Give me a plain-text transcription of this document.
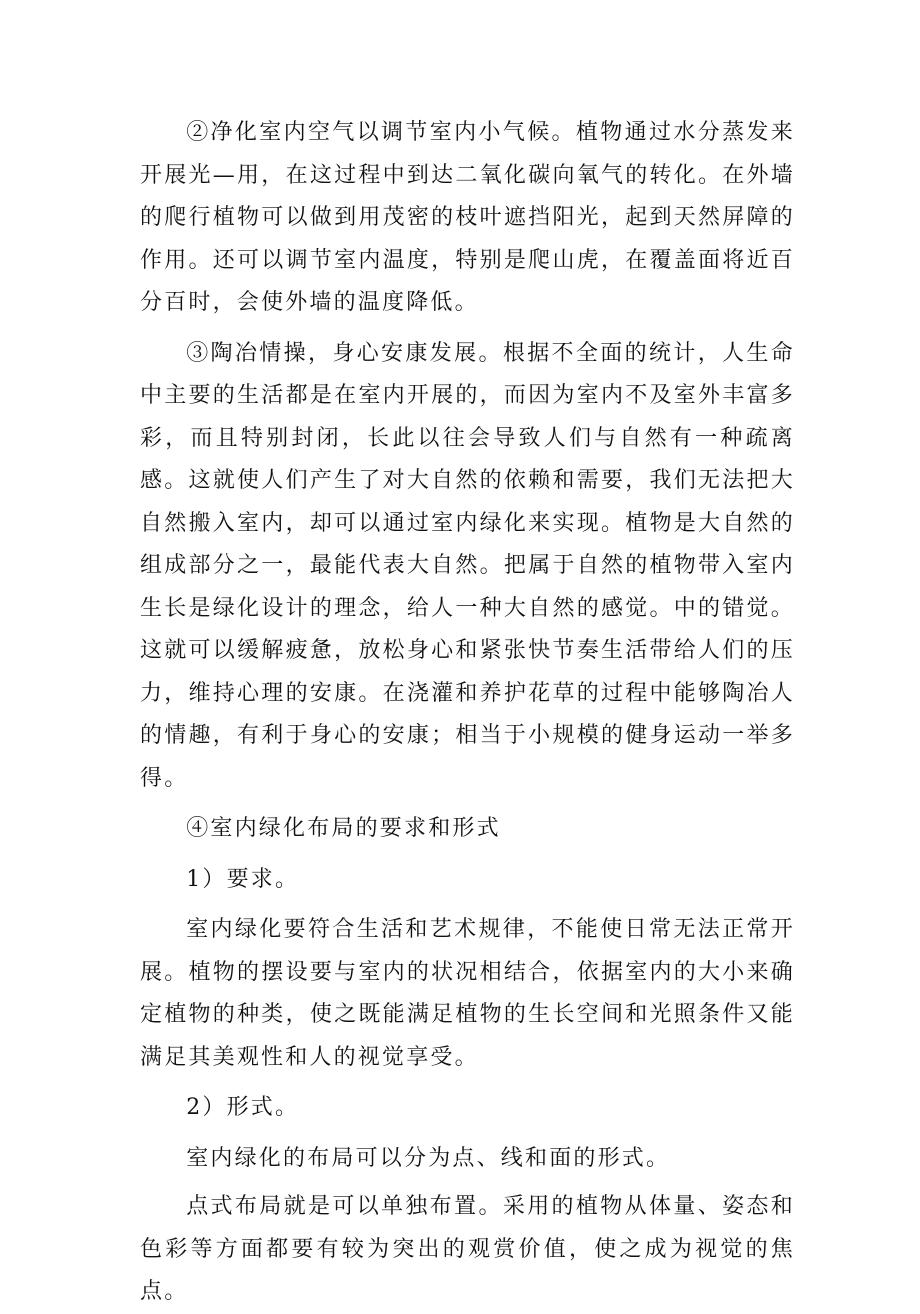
②净化室内空气以调节室内小气候。植物通过水分蒸发来开展光—用，在这过程中到达二氧化碳向氧气的转化。在外墙的爬行植物可以做到用茂密的枝叶遮挡阳光，起到天然屏障的作用。还可以调节室内温度，特别是爬山虎，在覆盖面将近百分百时，会使外墙的温度降低。

③陶冶情操，身心安康发展。根据不全面的统计，人生命中主要的生活都是在室内开展的，而因为室内不及室外丰富多彩，而且特别封闭，长此以往会导致人们与自然有一种疏离感。这就使人们产生了对大自然的依赖和需要，我们无法把大自然搬入室内，却可以通过室内绿化来实现。植物是大自然的组成部分之一，最能代表大自然。把属于自然的植物带入室内生长是绿化设计的理念，给人一种大自然的感觉。中的错觉。这就可以缓解疲惫，放松身心和紧张快节奏生活带给人们的压力，维持心理的安康。在浇灌和养护花草的过程中能够陶冶人的情趣，有利于身心的安康；相当于小规模的健身运动一举多得。

④室内绿化布局的要求和形式

1）要求。

室内绿化要符合生活和艺术规律，不能使日常无法正常开展。植物的摆设要与室内的状况相结合，依据室内的大小来确定植物的种类，使之既能满足植物的生长空间和光照条件又能满足其美观性和人的视觉享受。

2）形式。

室内绿化的布局可以分为点、线和面的形式。

点式布局就是可以单独布置。采用的植物从体量、姿态和色彩等方面都要有较为突出的观赏价值，使之成为视觉的焦点。
